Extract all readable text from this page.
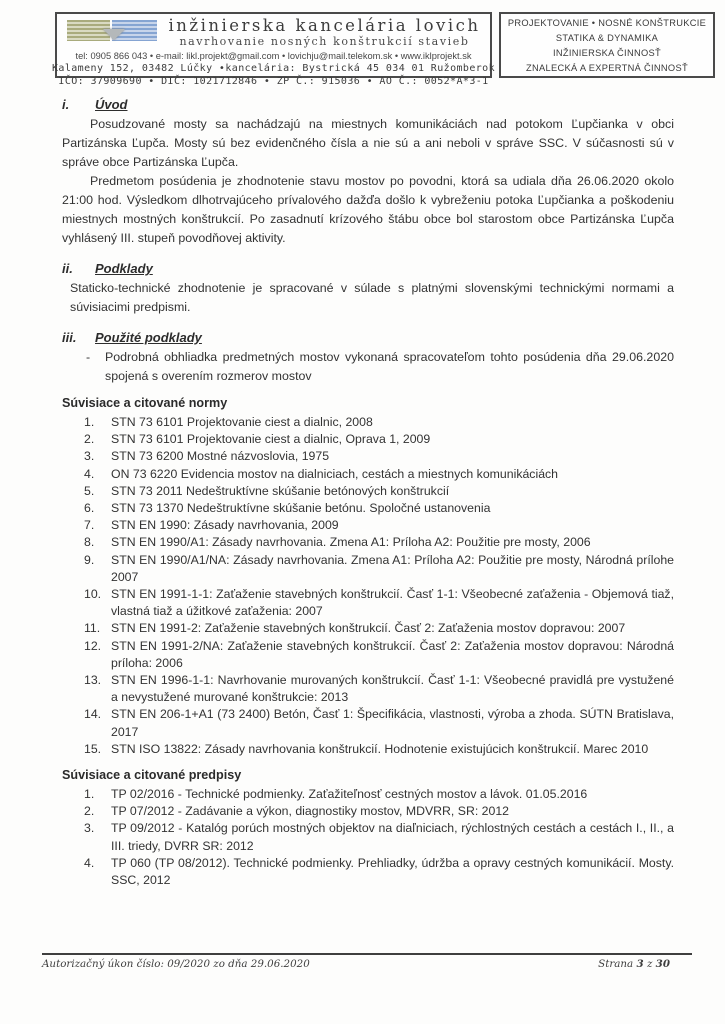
inžinierska kancelária lovich
navrhovanie nosných konštrukcií stavieb
tel: 0905 866 043 • e-mail: likl.projekt@gmail.com • lovichju@mail.telekom.sk • www.iklprojekt.sk
Kalameny 152, 03482 Lúčky •kancelária: Bystrická 45 034 01 Ružomberok
IČO: 37909690 • DIČ: 1021712846 • ZP Č.: 915036 • AO Č.: 0052*A*3-1
PROJEKTOVANIE • NOSNÉ KONŠTRUKCIE
STATIKA & DYNAMIKA
INŽINIERSKA ČINNOSŤ
ZNALECKÁ A EXPERTNÁ ČINNOSŤ
i.	Úvod

Posudzované mosty sa nachádzajú na miestnych komunikáciách nad potokom Ľupčianka v obci Partizánska Ľupča. Mosty sú bez evidenčného čísla a nie sú a ani neboli v správe SSC. V súčasnosti sú v správe obce Partizánska Ľupča.

Predmetom posúdenia je zhodnotenie stavu mostov po povodni, ktorá sa udiala dňa 26.06.2020 okolo 21:00 hod. Výsledkom dlhotrvajúceho prívalového dažďa došlo k vybreženiu potoka Ľupčianka a poškodeniu miestnych mostných konštrukcií. Po zasadnutí krízového štábu obce bol starostom obce Partizánska Ľupča vyhlásený III. stupeň povodňovej aktivity.

ii.	Podklady

Staticko-technické zhodnotenie je spracované v súlade s platnými slovenskými technickými normami a súvisiacimi predpismi.

iii.	Použité podklady
-	Podrobná obhliadka predmetných mostov vykonaná spracovateľom tohto posúdenia dňa 29.06.2020 spojená s overením rozmerov mostov
Súvisiace a citované normy
1.	STN 73 6101 Projektovanie ciest a dialnic, 2008
2.	STN 73 6101 Projektovanie ciest a dialnic, Oprava 1, 2009
3.	STN 73 6200 Mostné názvoslovia, 1975
4.	ON 73 6220 Evidencia mostov na dialniciach, cestách a miestnych komunikáciách
5.	STN 73 2011 Nedeštruktívne skúšanie betónových konštrukcií
6.	STN 73 1370 Nedeštruktívne skúšanie betónu. Spoločné ustanovenia
7.	STN EN 1990: Zásady navrhovania, 2009
8.	STN EN 1990/A1: Zásady navrhovania. Zmena A1: Príloha A2: Použitie pre mosty, 2006
9.	STN EN 1990/A1/NA: Zásady navrhovania. Zmena A1: Príloha A2: Použitie pre mosty, Národná prílohe 2007
10. STN EN 1991-1-1: Zaťaženie stavebných konštrukcií. Časť 1-1: Všeobecné zaťaženia - Objemová tiaž, vlastná tiaž a úžitkové zaťaženia: 2007
11. STN EN 1991-2: Zaťaženie stavebných konštrukcií. Časť 2: Zaťaženia mostov dopravou: 2007
12. STN EN 1991-2/NA: Zaťaženie stavebných konštrukcií. Časť 2: Zaťaženia mostov dopravou: Národná príloha: 2006
13. STN EN 1996-1-1: Navrhovanie murovaných konštrukcií. Časť 1-1: Všeobecné pravidlá pre vystužené a nevystužené murované konštrukcie: 2013
14. STN EN 206-1+A1 (73 2400) Betón, Časť 1: Špecifikácia, vlastnosti, výroba a zhoda. SÚTN Bratislava, 2017
15. STN ISO 13822: Zásady navrhovania konštrukcií. Hodnotenie existujúcich konštrukcií. Marec 2010
Súvisiace a citované predpisy
1.	TP 02/2016 - Technické podmienky. Zaťažiteľnosť cestných mostov a lávok. 01.05.2016
2.	TP 07/2012 - Zadávanie a výkon, diagnostiky mostov, MDVRR, SR: 2012
3.	TP 09/2012 - Katalóg porúch mostných objektov na diaľniciach, rýchlostných cestách a cestách I., II., a III. triedy, DVRR SR: 2012
4.	TP 060 (TP 08/2012). Technické podmienky. Prehliadky, údržba a opravy cestných komunikácií. Mosty. SSC, 2012
Autorizačný úkon číslo: 09/2020 zo dňa 29.06.2020	Strana 3 z 30
